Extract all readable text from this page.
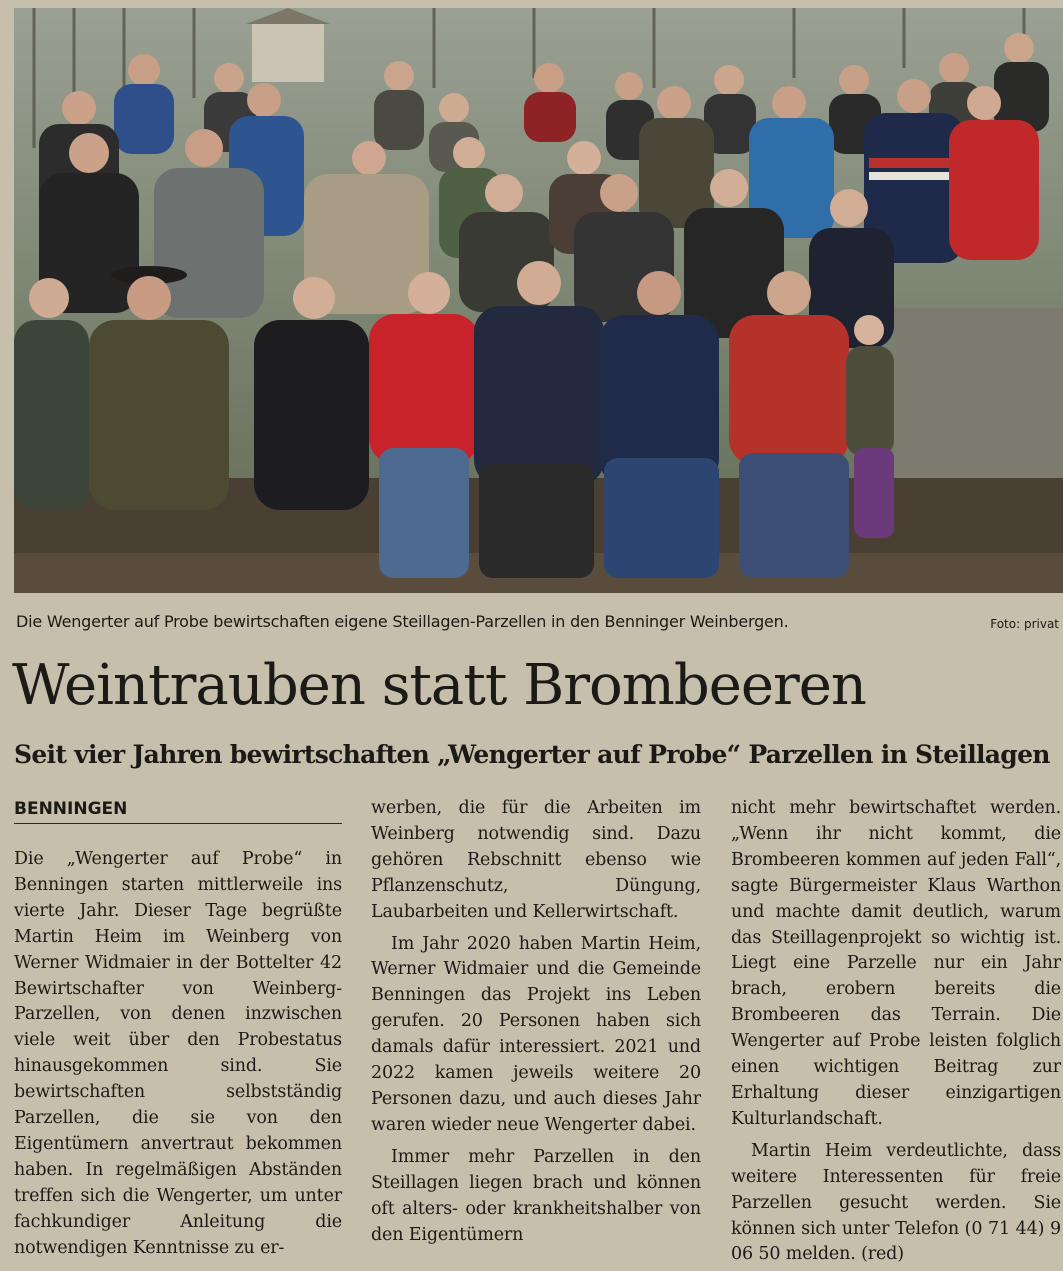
Die Wengerter auf Probe bewirtschaften eigene Steillagen-Parzellen in den Benninger Weinbergen.	Foto: privat
Weintrauben statt Brombeeren
Seit vier Jahren bewirtschaften „Wengerter auf Probe“ Parzellen in Steillagen
BENNINGEN

Die „Wengerter auf Probe“ in Benningen starten mittlerweile ins vierte Jahr. Dieser Tage begrüßte Martin Heim im Weinberg von Werner Widmaier in der Bottelter 42 Bewirtschafter von Weinberg-Parzellen, von denen inzwischen viele weit über den Probestatus hinausgekommen sind. Sie bewirtschaften selbstständig Parzellen, die sie von den Eigentümern anvertraut bekommen haben. In regelmäßigen Abständen treffen sich die Wengerter, um unter fachkundiger Anleitung die notwendigen Kenntnisse zu er-

werben, die für die Arbeiten im Weinberg notwendig sind. Dazu gehören Rebschnitt ebenso wie Pflanzenschutz, Düngung, Laubarbeiten und Kellerwirtschaft.

Im Jahr 2020 haben Martin Heim, Werner Widmaier und die Gemeinde Benningen das Projekt ins Leben gerufen. 20 Personen haben sich damals dafür interessiert. 2021 und 2022 kamen jeweils weitere 20 Personen dazu, und auch dieses Jahr waren wieder neue Wengerter dabei.

Immer mehr Parzellen in den Steillagen liegen brach und können oft alters- oder krankheitshalber von den Eigentümern

nicht mehr bewirtschaftet werden. „Wenn ihr nicht kommt, die Brombeeren kommen auf jeden Fall“, sagte Bürgermeister Klaus Warthon und machte damit deutlich, warum das Steillagenprojekt so wichtig ist. Liegt eine Parzelle nur ein Jahr brach, erobern bereits die Brombeeren das Terrain. Die Wengerter auf Probe leisten folglich einen wichtigen Beitrag zur Erhaltung dieser einzigartigen Kulturlandschaft.

Martin Heim verdeutlichte, dass weitere Interessenten für freie Parzellen gesucht werden. Sie können sich unter Telefon (0 71 44) 9 06 50 melden. (red)
